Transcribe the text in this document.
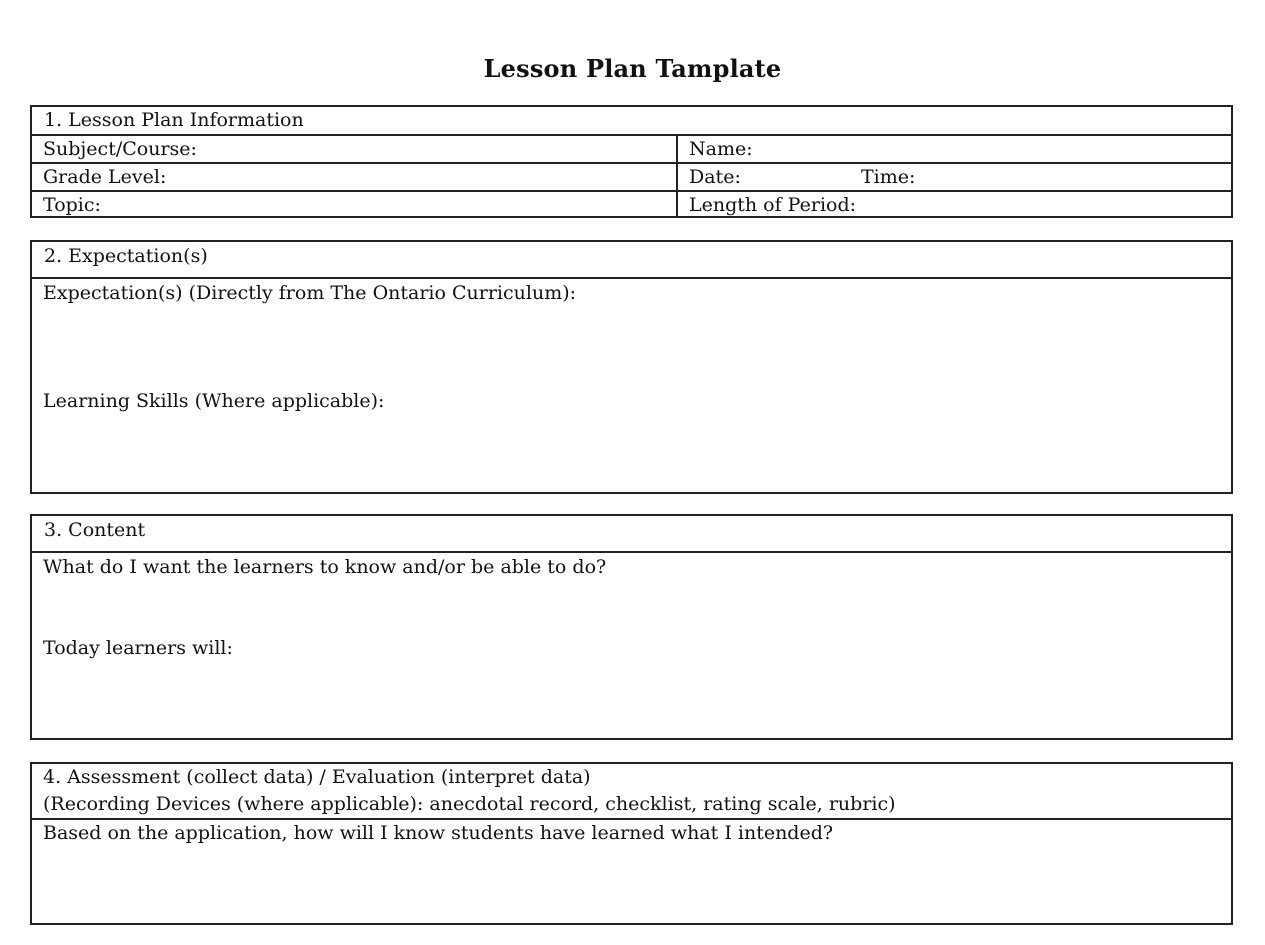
Lesson Plan Tamplate
1. Lesson Plan Information
Subject/Course:	Name:
Grade Level:	Date:	Time:
Topic:	Length of Period:
2. Expectation(s)
Expectation(s) (Directly from The Ontario Curriculum):
Learning Skills (Where applicable):
3. Content
What do I want the learners to know and/or be able to do?
Today learners will:
4. Assessment (collect data) / Evaluation (interpret data)
(Recording Devices (where applicable): anecdotal record, checklist, rating scale, rubric)
Based on the application, how will I know students have learned what I intended?
